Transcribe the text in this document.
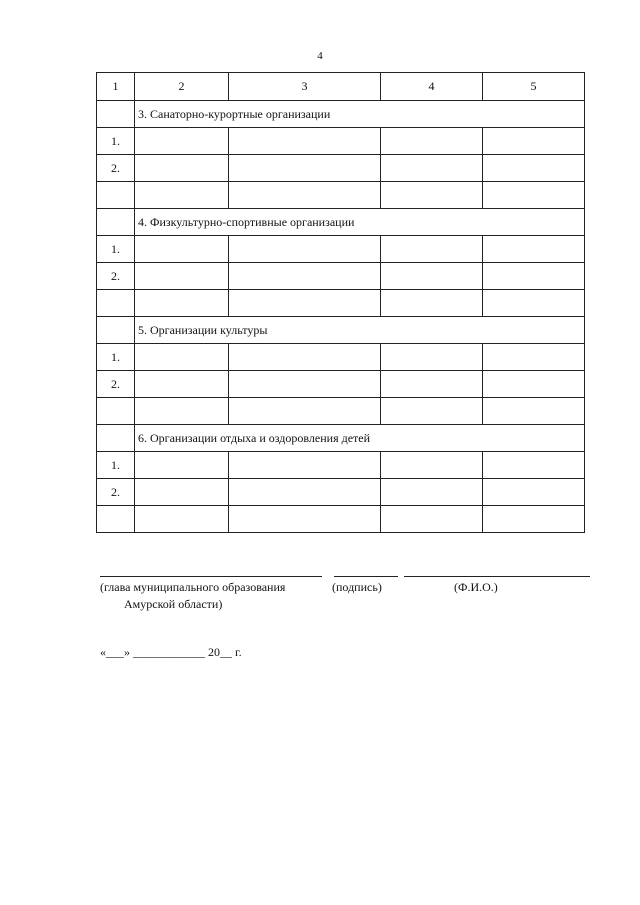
4
1	2	3	4	5
	3. Санаторно-курортные организации			
1.				
2.				

	4. Физкультурно-спортивные организации			
1.				
2.				

	5. Организации культуры			
1.				
2.				

	6. Организации отдыха и оздоровления детей			
1.				
2.				

(глава муниципального образования
Амурской области)
(подпись)	(Ф.И.О.)
«___» ____________ 20__ г.
